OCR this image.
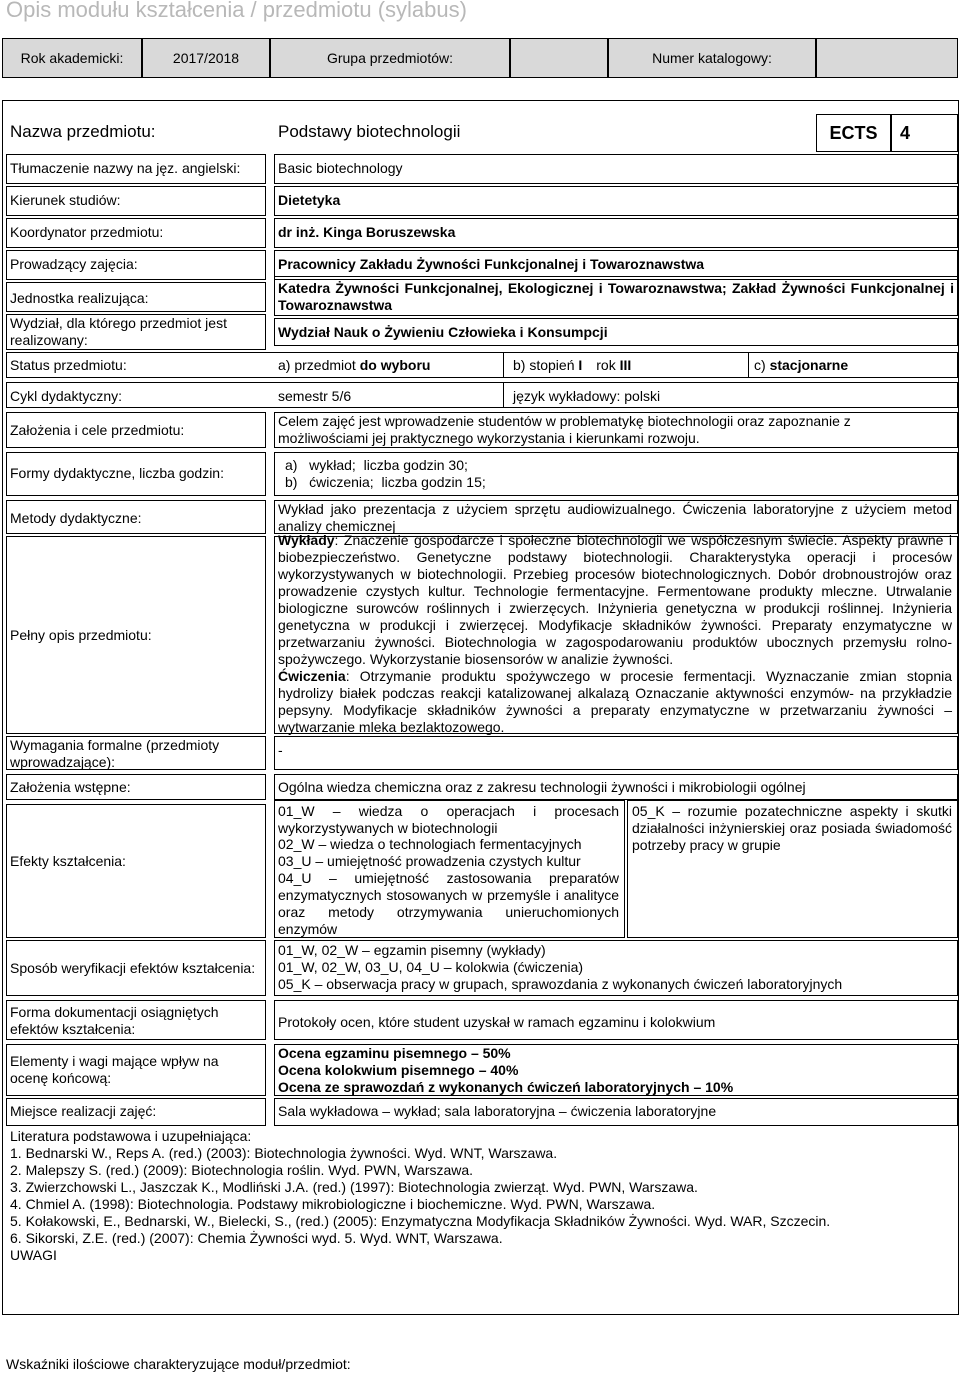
Opis modułu kształcenia / przedmiotu (sylabus)
Rok akademicki:	2017/2018	Grupa przedmiotów:	Numer katalogowy:
Nazwa przedmiotu:	Podstawy biotechnologii	ECTS 4
Tłumaczenie nazwy na jęz. angielski:	Basic biotechnology
Kierunek studiów:	Dietetyka
Koordynator przedmiotu:	dr inż. Kinga Boruszewska
Prowadzący zajęcia:	Pracownicy Zakładu Żywności Funkcjonalnej i Towaroznawstwa
Jednostka realizująca:
Katedra Żywności Funkcjonalnej, Ekologicznej i Towaroznawstwa; Zakład Żywności Funkcjonalnej i Towaroznawstwa
Wydział, dla którego przedmiot jest realizowany:	Wydział Nauk o Żywieniu Człowieka i Konsumpcji
Status przedmiotu:	a) przedmiot do wyboru	b) stopień I rok III	c) stacjonarne
Cykl dydaktyczny:	semestr 5/6	język wykładowy: polski
Założenia i cele przedmiotu:
Celem zajęć jest wprowadzenie studentów w problematykę biotechnologii oraz zapoznanie z możliwościami jej praktycznego wykorzystania i kierunkami rozwoju.
Formy dydaktyczne, liczba godzin:	a)   wykład;  liczba godzin 30;
b)   ćwiczenia;  liczba godzin 15;
Metody dydaktyczne:
Wykład jako prezentacja z użyciem sprzętu audiowizualnego. Ćwiczenia laboratoryjne z użyciem metod analizy chemicznej
Pełny opis przedmiotu:
Wykłady: Znaczenie gospodarcze i społeczne biotechnologii we współczesnym świecie. Aspekty prawne i biobezpieczeństwo. Genetyczne podstawy biotechnologii. Charakterystyka operacji i procesów wykorzystywanych w biotechnologii. Przebieg procesów biotechnologicznych. Dobór drobnoustrojów oraz prowadzenie czystych kultur. Technologie fermentacyjne. Fermentowane produkty mleczne. Utrwalanie biologiczne surowców roślinnych i zwierzęcych. Inżynieria genetyczna w produkcji roślinnej. Inżynieria genetyczna w produkcji i zwierzęcej. Modyfikacje składników żywności. Preparaty enzymatyczne w przetwarzaniu żywności. Biotechnologia w zagospodarowaniu produktów ubocznych przemysłu rolno-spożywczego. Wykorzystanie biosensorów w analizie żywności.
Ćwiczenia: Otrzymanie produktu spożywczego w procesie fermentacji. Wyznaczanie zmian stopnia hydrolizy białek podczas reakcji katalizowanej alkalazą Oznaczanie aktywności enzymów- na przykładzie pepsyny. Modyfikacje składników żywności a preparaty enzymatyczne w przetwarzaniu żywności – wytwarzanie mleka bezlaktozowego.
Wymagania formalne (przedmioty wprowadzające):
-
Założenia wstępne:	Ogólna wiedza chemiczna oraz z zakresu technologii żywności i mikrobiologii ogólnej
Efekty kształcenia:
01_W – wiedza o operacjach i procesach wykorzystywanych w biotechnologii
02_W – wiedza o technologiach fermentacyjnych
03_U – umiejętność prowadzenia czystych kultur
04_U – umiejętność zastosowania preparatów enzymatycznych stosowanych w przemyśle i analityce oraz metody otrzymywania unieruchomionych enzymów
05_K – rozumie pozatechniczne aspekty i skutki działalności inżynierskiej oraz posiada świadomość potrzeby pracy w grupie
Sposób weryfikacji efektów kształcenia:
01_W, 02_W – egzamin pisemny (wykłady)
01_W, 02_W, 03_U, 04_U – kolokwia (ćwiczenia)
05_K – obserwacja pracy w grupach, sprawozdania z wykonanych ćwiczeń laboratoryjnych
Forma dokumentacji osiągniętych efektów kształcenia:	Protokoły ocen, które student uzyskał w ramach egzaminu i kolokwium
Elementy i wagi mające wpływ na ocenę końcową:
Ocena egzaminu pisemnego – 50%
Ocena kolokwium pisemnego – 40%
Ocena ze sprawozdań z wykonanych ćwiczeń laboratoryjnych – 10%
Miejsce realizacji zajęć:	Sala wykładowa – wykład; sala laboratoryjna – ćwiczenia laboratoryjne
Literatura podstawowa i uzupełniająca:
1. Bednarski W., Reps A. (red.) (2003): Biotechnologia żywności. Wyd. WNT, Warszawa.
2. Malepszy S. (red.) (2009): Biotechnologia roślin. Wyd. PWN, Warszawa.
3. Zwierzchowski L., Jaszczak K., Modliński J.A. (red.) (1997): Biotechnologia zwierząt. Wyd. PWN, Warszawa.
4. Chmiel A. (1998): Biotechnologia. Podstawy mikrobiologiczne i biochemiczne. Wyd. PWN, Warszawa.
5. Kołakowski, E., Bednarski, W., Bielecki, S., (red.) (2005): Enzymatyczna Modyfikacja Składników Żywności. Wyd. WAR, Szczecin.
6. Sikorski, Z.E. (red.) (2007): Chemia Żywności wyd. 5. Wyd. WNT, Warszawa.
UWAGI
Wskaźniki ilościowe charakteryzujące moduł/przedmiot:
